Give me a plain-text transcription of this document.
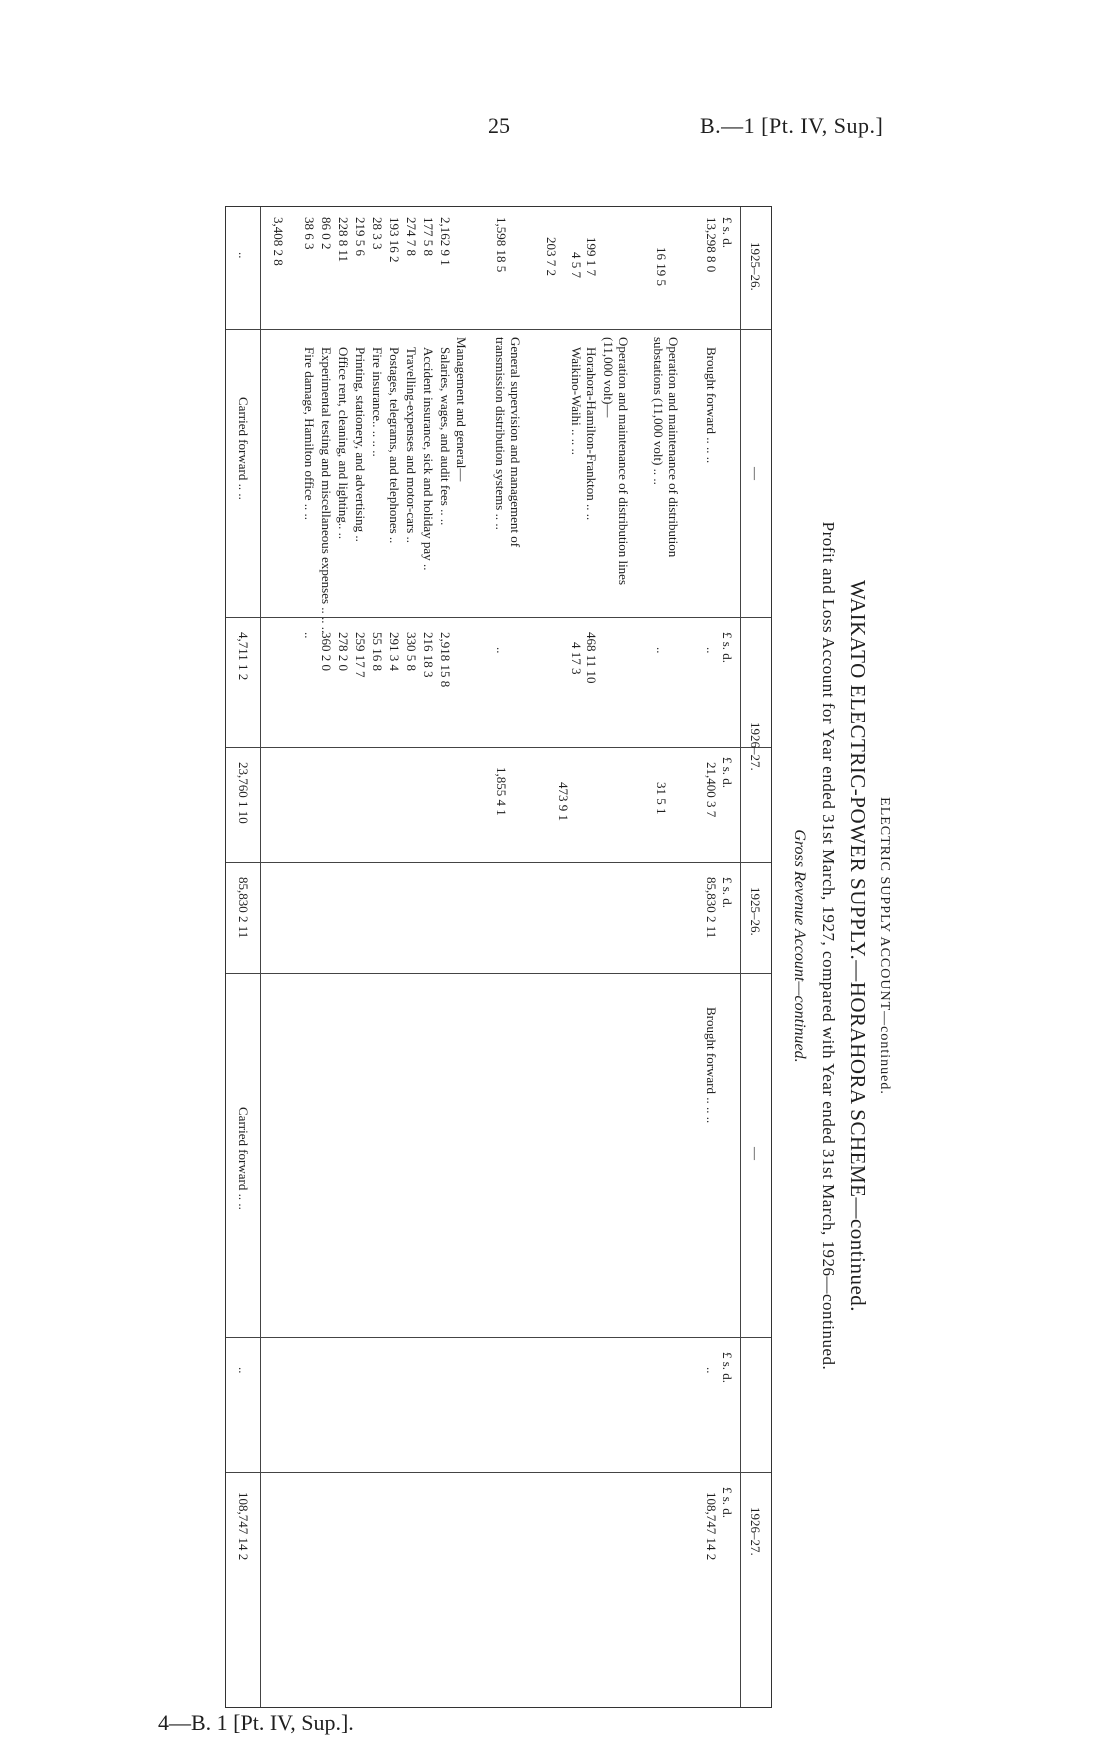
25	B.—1 [Pt. IV, Sup.]
ELECTRIC SUPPLY ACCOUNT—continued.
WAIKATO ELECTRIC-POWER SUPPLY.—HORAHORA SCHEME—continued.
Profit and Loss Account for Year ended 31st March, 1927, compared with Year ended 31st March, 1926—continued.
Gross Revenue Account—continued.
1925–26.
—
1926–27.
1925–26.
—
1926–27.
£ s. d.
£ s. d.
£ s. d.
£ s. d.
£ s. d.
£ s. d.
13,298 8 0
Brought forward .. .. ..
..
21,400 3 7
16 19 5
Operation and maintenance of distribution substations (11,000 volt) .. ..
..
31 5 1
Operation and maintenance of distribution lines (11,000 volt)—
Horahora-Hamilton-Frankton .. ..
Waikino-Waihi .. .. ..
199 1 7
4 5 7
468 11 10
4 17 3
203 7 2
473 9 1
1,598 18 5
General supervision and management of transmission distribution systems .. ..
..
1,855 4 1
Management and general—
2,162 9 1
Salaries, wages, and audit fees .. ..
2,918 15 8
177 5 8
Accident insurance, sick and holiday pay ..
216 18 3
274 7 8
Travelling-expenses and motor-cars ..
330 5 8
193 16 2
Postages, telegrams, and telephones ..
291 3 4
28 3 3
Fire insurance.. .. .. ..
55 16 8
219 5 6
Printing, stationery, and advertising ..
259 17 7
228 8 11
Office rent, cleaning, and lighting.. ..
278 2 0
86 0 2
Experimental testing and miscellaneous expenses .. .. ..
360 2 0
38 6 3
Fire damage, Hamilton office .. ..
..
3,408 2 8
..
Carried forward .. ..
4,711 1 2
23,760 1 10
85,830 2 11	85,830 2 11
Brought forward .. .. ..
..
108,747 14 2
Carried forward .. ..
..
108,747 14 2
4—B. 1 [Pt. IV, Sup.].
